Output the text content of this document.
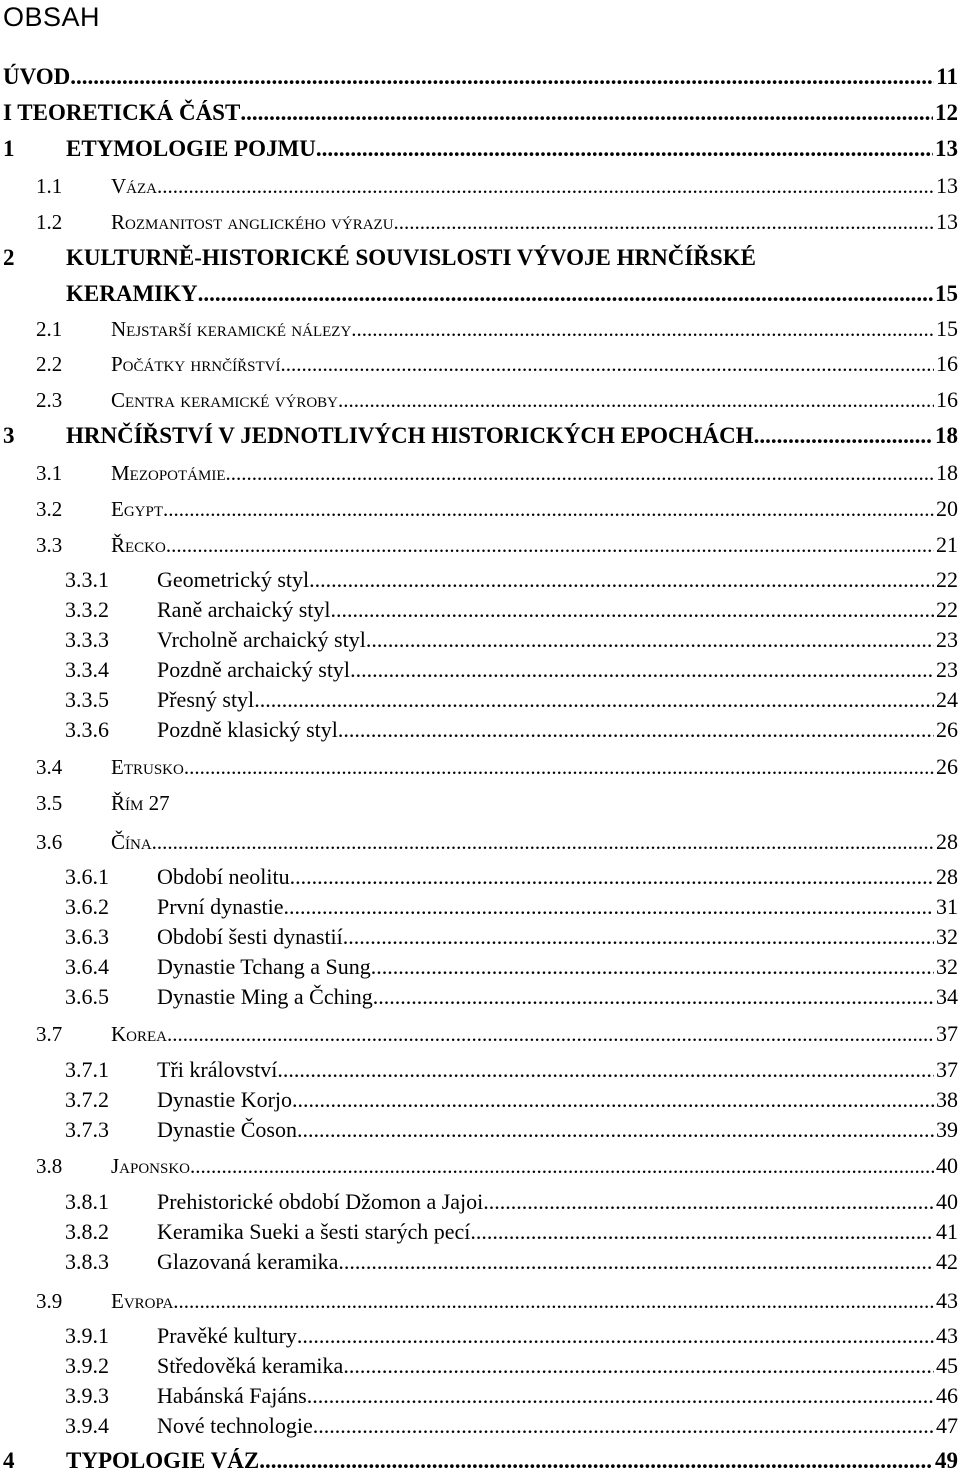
OBSAH
ÚVOD .....	11
I TEORETICKÁ ČÁST .....	12
1	ETYMOLOGIE POJMU .....	13
1.1	Váza .....	13
1.2	Rozmanitost anglického výrazu .....	13
2	KULTURNĚ-HISTORICKÉ SOUVISLOSTI VÝVOJE HRNČÍŘSKÉ
KERAMIKY .....	15
2.1	Nejstarší keramické nálezy .....	15
2.2	Počátky hrnčířství .....	16
2.3	Centra keramické výroby .....	16
3	HRNČÍŘSTVÍ V JEDNOTLIVÝCH HISTORICKÝCH EPOCHÁCH .....	18
3.1	Mezopotámie .....	18
3.2	Egypt .....	20
3.3	Řecko .....	21
3.3.1	Geometrický styl .....	22
3.3.2	Raně archaický styl .....	22
3.3.3	Vrcholně archaický styl .....	23
3.3.4	Pozdně archaický styl .....	23
3.3.5	Přesný styl .....	24
3.3.6	Pozdně klasický styl .....	26
3.4	Etrusko .....	26
3.5	Řím 27
3.6	Čína .....	28
3.6.1	Období neolitu .....	28
3.6.2	První dynastie .....	31
3.6.3	Období šesti dynastií .....	32
3.6.4	Dynastie Tchang a Sung .....	32
3.6.5	Dynastie Ming a Čching .....	34
3.7	Korea .....	37
3.7.1	Tři království .....	37
3.7.2	Dynastie Korjo .....	38
3.7.3	Dynastie Čoson .....	39
3.8	Japonsko .....	40
3.8.1	Prehistorické období Džomon a Jajoi .....	40
3.8.2	Keramika Sueki a šesti starých pecí .....	41
3.8.3	Glazovaná keramika .....	42
3.9	Evropa .....	43
3.9.1	Pravěké kultury .....	43
3.9.2	Středověká keramika .....	45
3.9.3	Habánská Fajáns .....	46
3.9.4	Nové technologie .....	47
4	TYPOLOGIE VÁZ .....	49
